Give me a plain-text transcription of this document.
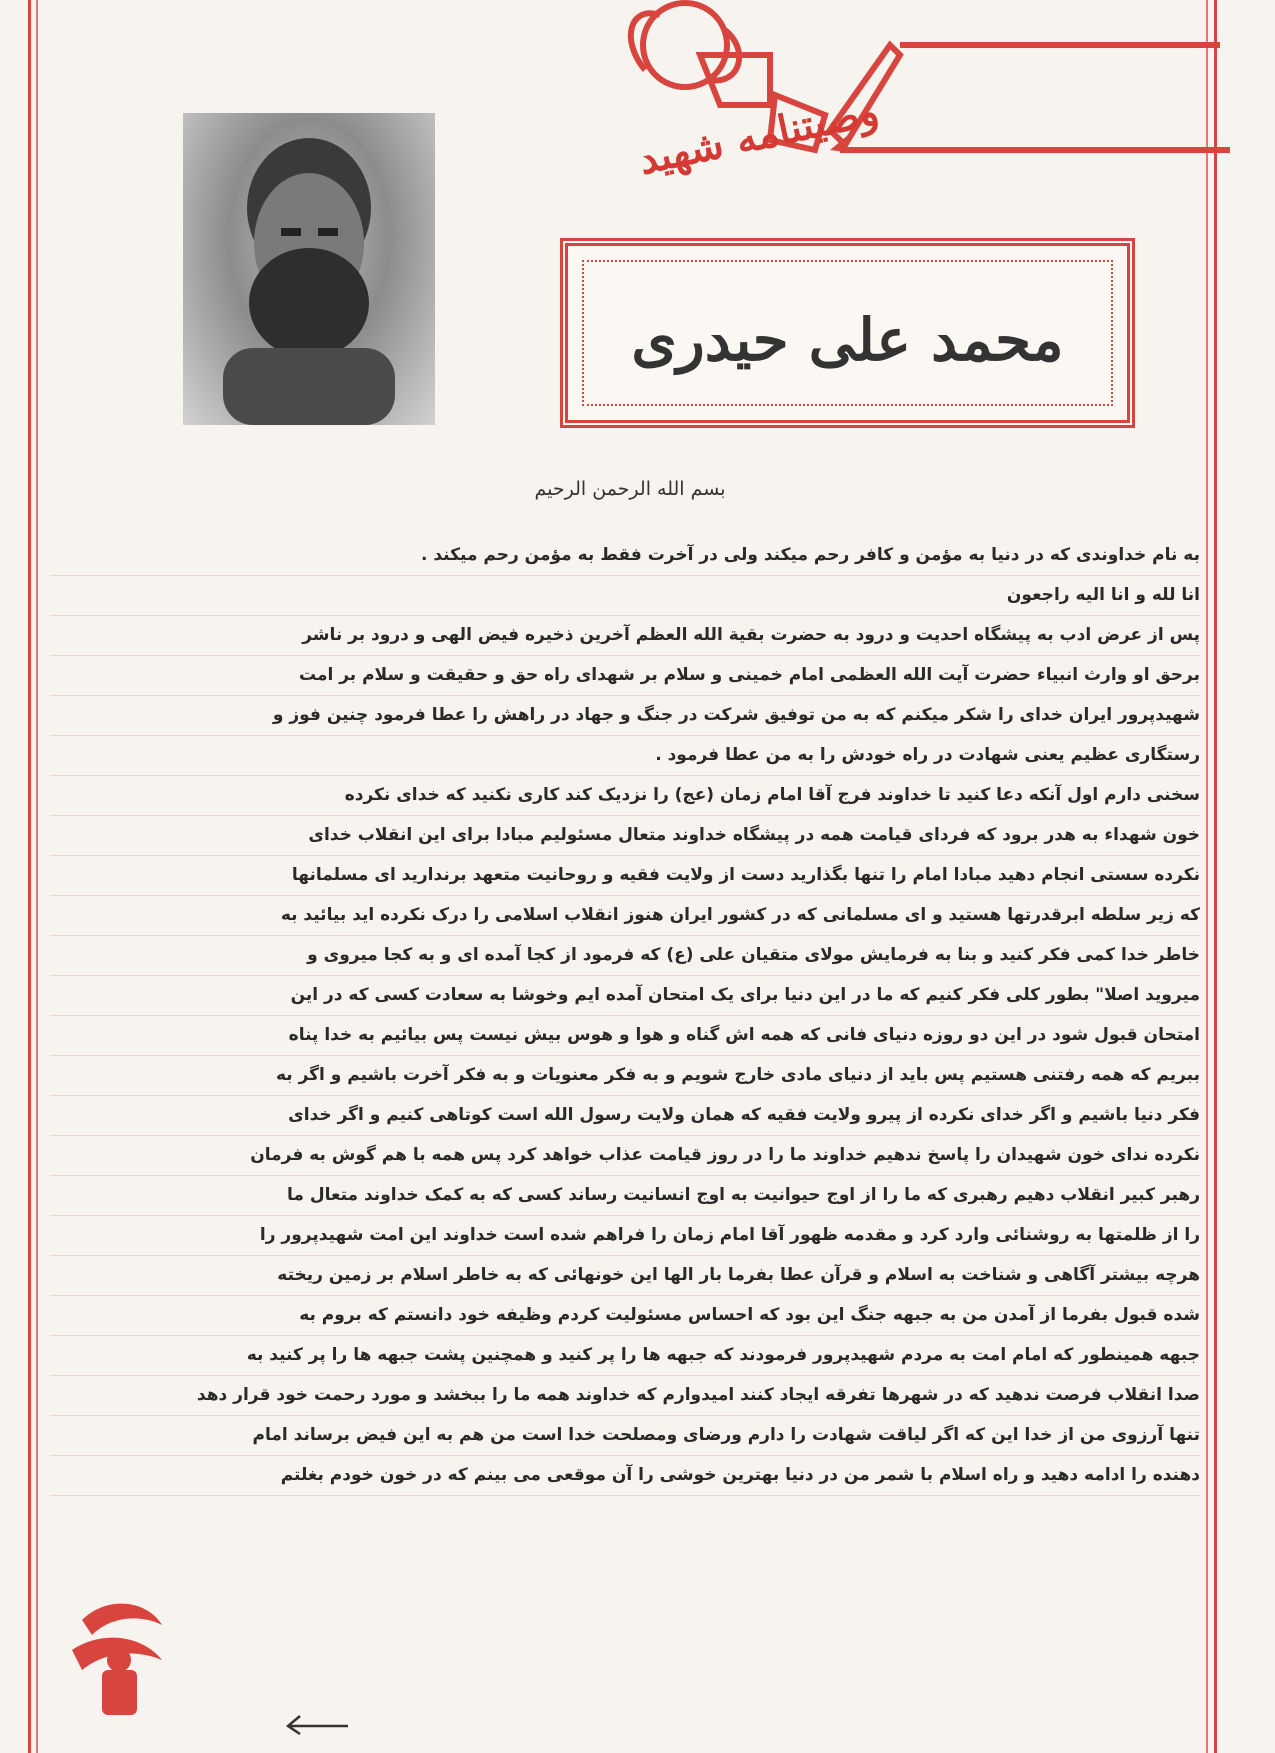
وصیتنامه شهید
محمد علی حیدری
بسم الله الرحمن الرحیم
به نام خداوندی که در دنیا به مؤمن و کافر رحم میکند ولی در آخرت فقط به مؤمن رحم میکند .
انا لله و انا الیه راجعون
پس از عرض ادب به پیشگاه احدیت و درود به حضرت بقیة الله العظم آخرین ذخیره فیض الهی و درود بر ناشر
برحق او وارث انبیاء حضرت آیت الله العظمی امام خمینی و سلام بر شهدای راه حق و حقیقت و سلام بر امت
شهیدپرور ایران خدای را شکر میکنم که به من توفیق شرکت در جنگ و جهاد در راهش را عطا فرمود چنین فوز و
رستگاری عظیم یعنی شهادت در راه خودش را به من عطا فرمود .
سخنی دارم اول آنکه دعا کنید تا خداوند فرج آقا امام زمان (عج) را نزدیک کند کاری نکنید که خدای نکرده
خون شهداء به هدر برود که فردای قیامت همه در پیشگاه خداوند متعال مسئولیم مبادا برای این انقلاب خدای
نکرده سستی انجام دهید مبادا امام را تنها بگذارید دست از ولایت فقیه و روحانیت متعهد برندارید ای مسلمانها
که زیر سلطه ابرقدرتها هستید و ای مسلمانی که در کشور ایران هنوز انقلاب اسلامی را درک نکرده اید بیائید به
خاطر خدا کمی فکر کنید و بنا به فرمایش مولای متقیان علی (ع) که فرمود از کجا آمده ای و به کجا میروی و
میروید اصلا" بطور کلی فکر کنیم که ما در این دنیا برای یک امتحان آمده ایم وخوشا به سعادت کسی که در این
امتحان قبول شود در این دو روزه دنیای فانی که همه اش گناه و هوا و هوس بیش نیست پس بیائیم به خدا پناه
ببریم که همه رفتنی هستیم پس باید از دنیای مادی خارج شویم و به فکر معنویات و به فکر آخرت باشیم و اگر به
فکر دنیا باشیم و اگر خدای نکرده از پیرو ولایت فقیه که همان ولایت رسول الله است کوتاهی کنیم و اگر خدای
نکرده ندای خون شهیدان را پاسخ ندهیم خداوند ما را در روز قیامت عذاب خواهد کرد پس همه با هم گوش به فرمان
رهبر کبیر انقلاب دهیم رهبری که ما را از اوج حیوانیت به اوج انسانیت رساند کسی که به کمک خداوند متعال ما
را از ظلمتها به روشنائی وارد کرد و مقدمه ظهور آقا امام زمان را فراهم شده است خداوند این امت شهیدپرور را
هرچه بیشتر آگاهی و شناخت به اسلام و قرآن عطا بفرما بار الها این خونهائی که به خاطر اسلام بر زمین ریخته
شده قبول بفرما از آمدن من به جبهه جنگ این بود که احساس مسئولیت کردم وظیفه خود دانستم که بروم به
جبهه همینطور که امام امت به مردم شهیدپرور فرمودند که جبهه ها را پر کنید و همچنین پشت جبهه ها را پر کنید به
صدا انقلاب فرصت ندهید که در شهرها تفرقه ایجاد کنند امیدوارم که خداوند همه ما را ببخشد و مورد رحمت خود قرار دهد
تنها آرزوی من از خدا این که اگر لیاقت شهادت را دارم ورضای ومصلحت خدا است من هم به این فیض برساند امام
دهنده را ادامه دهید و راه اسلام با شمر من در دنیا بهترین خوشی را آن موقعی می بینم که در خون خودم بغلتم
